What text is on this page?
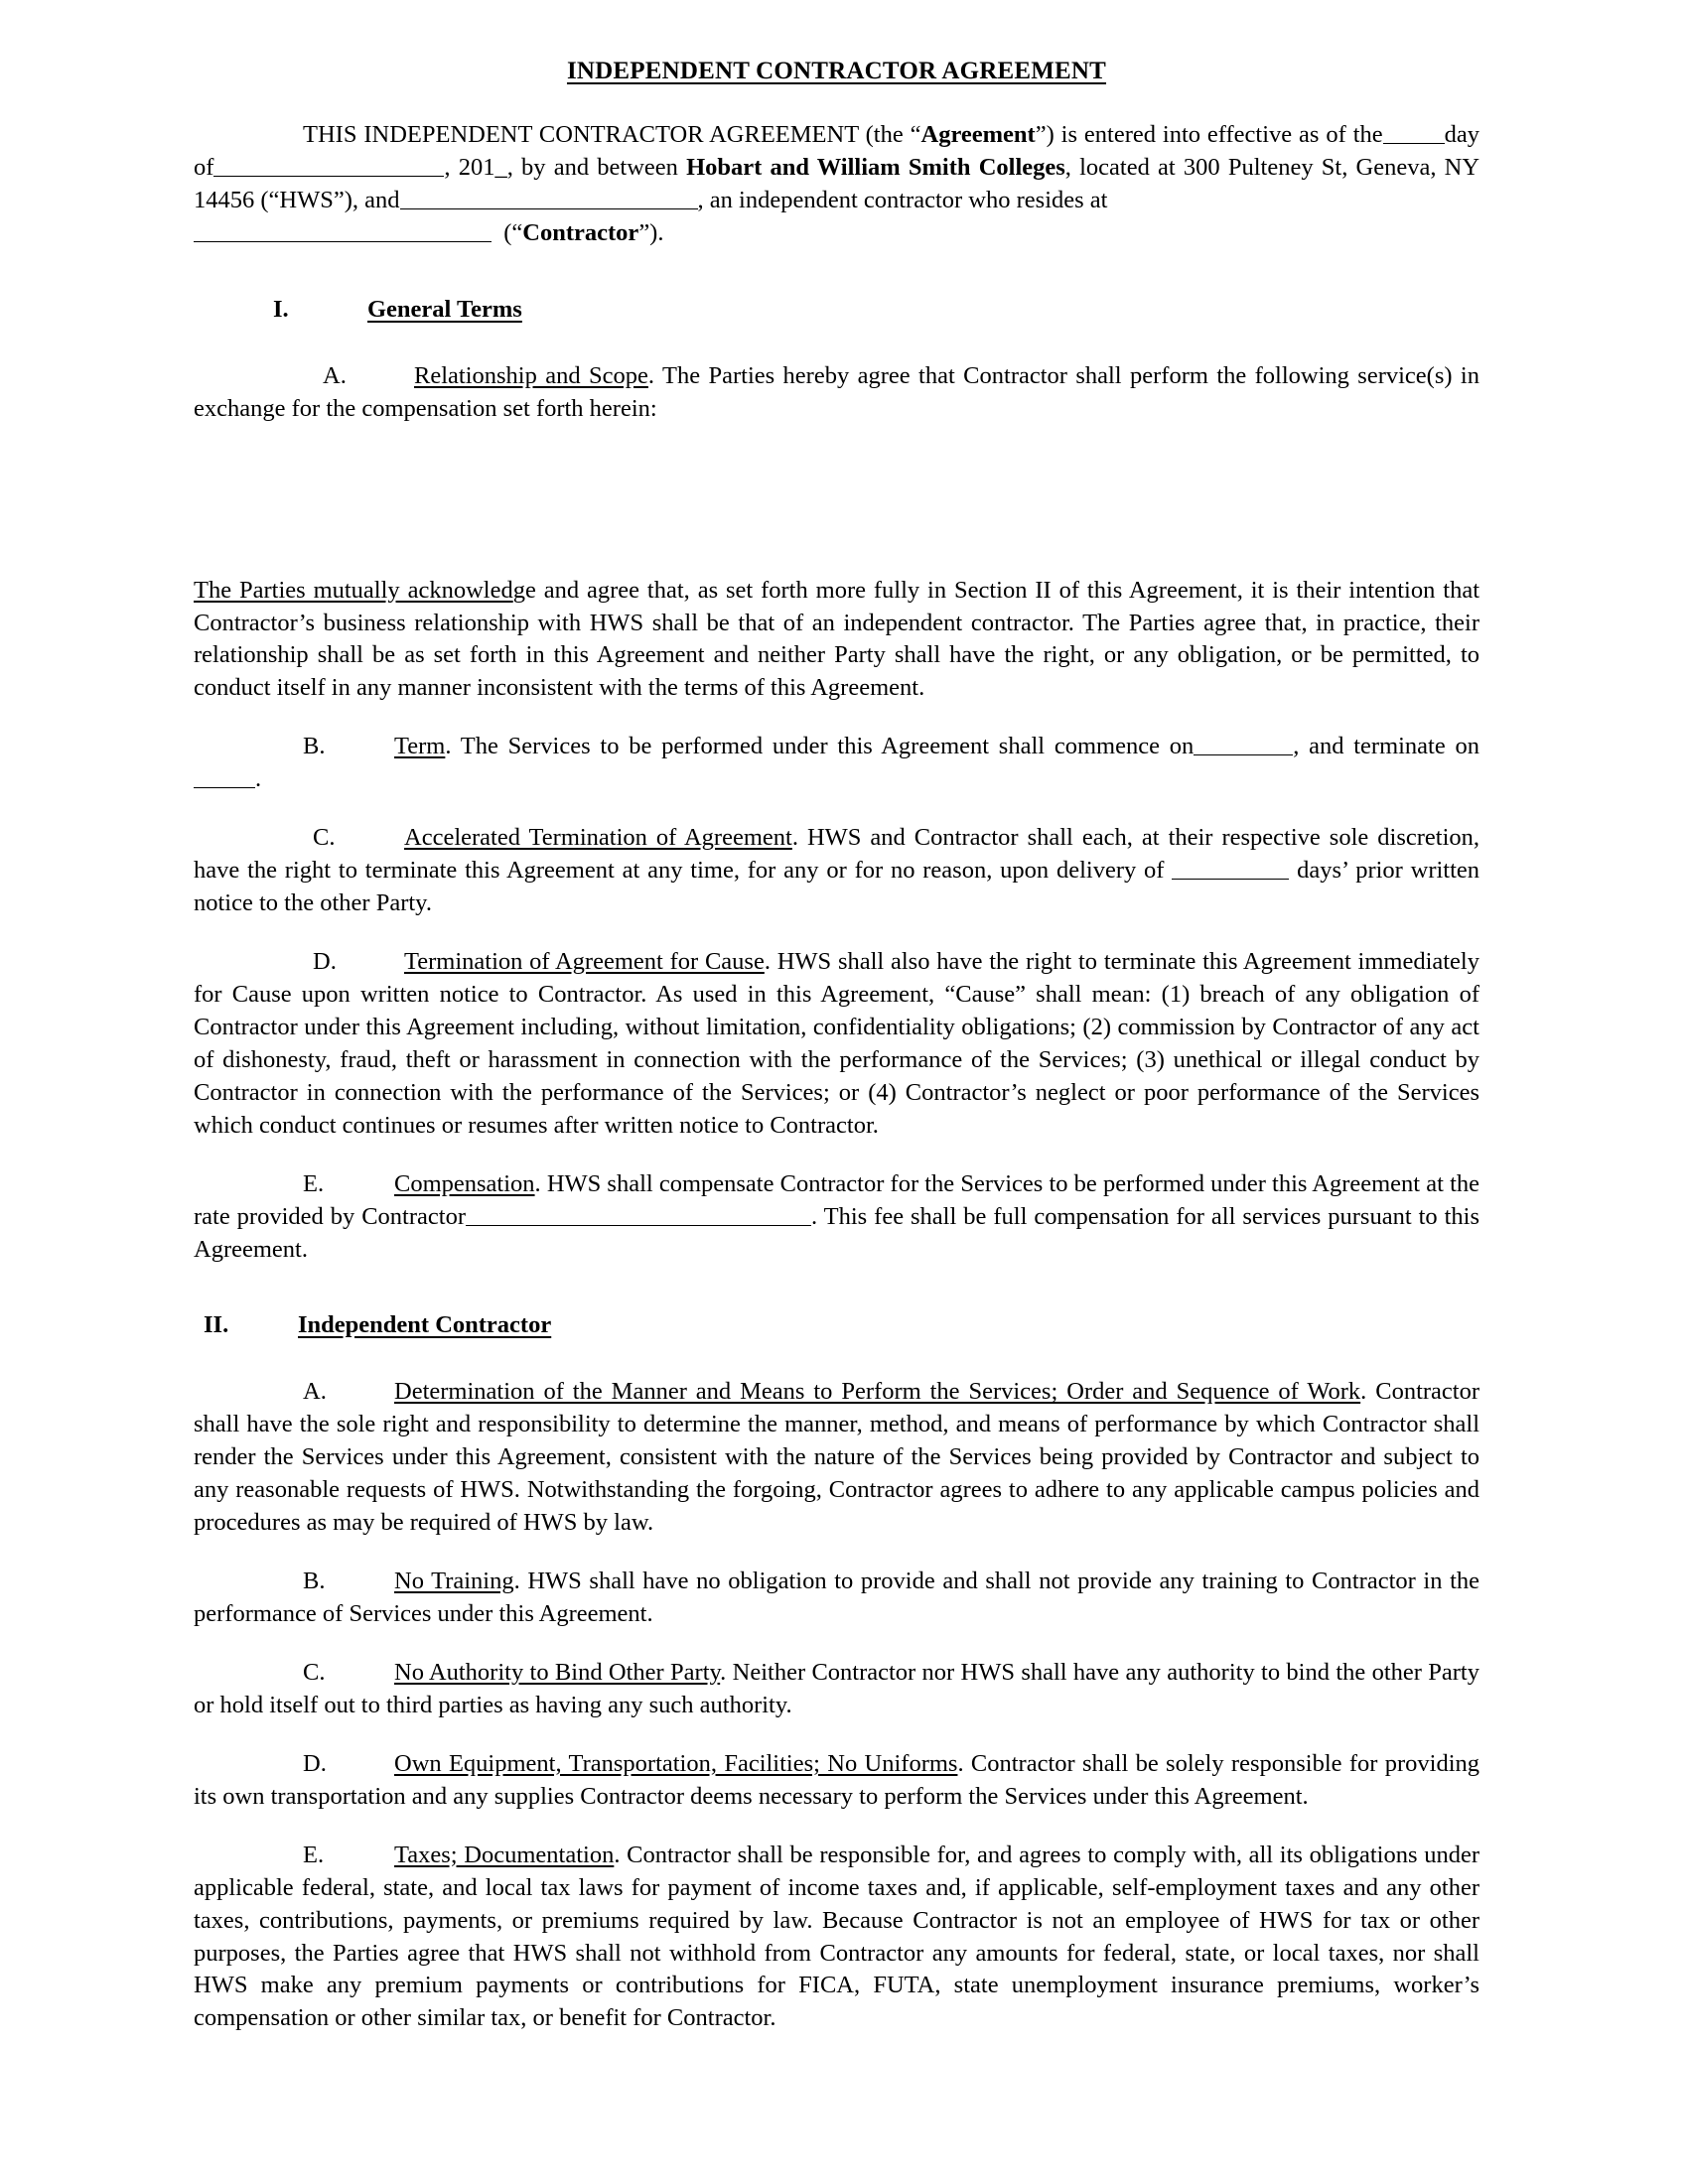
INDEPENDENT CONTRACTOR AGREEMENT

THIS INDEPENDENT CONTRACTOR AGREEMENT (the “Agreement”) is entered into effective as of the	day of	, 201_, by and between Hobart and William Smith Colleges, located at 300 Pulteney St, Geneva, NY 14456 (“HWS”), and	, an independent contractor who resides at

(“Contractor”).

I.	General Terms

A.	Relationship and Scope. The Parties hereby agree that Contractor shall perform the following service(s) in exchange for the compensation set forth herein:

The Parties mutually acknowledge and agree that, as set forth more fully in Section II of this Agreement, it is their intention that Contractor’s business relationship with HWS shall be that of an independent contractor. The Parties agree that, in practice, their relationship shall be as set forth in this Agreement and neither Party shall have the right, or any obligation, or be permitted, to conduct itself in any manner inconsistent with the terms of this Agreement.

B.	Term. The Services to be performed under this Agreement shall commence on	, and terminate on.

C.	Accelerated Termination of Agreement. HWS and Contractor shall each, at their respective sole discretion, have the right to terminate this Agreement at any time, for any or for no reason, upon delivery of	days’ prior written notice to the other Party.

D.	Termination of Agreement for Cause. HWS shall also have the right to terminate this Agreement immediately for Cause upon written notice to Contractor. As used in this Agreement, “Cause” shall mean: (1) breach of any obligation of Contractor under this Agreement including, without limitation, confidentiality obligations; (2) commission by Contractor of any act of dishonesty, fraud, theft or harassment in connection with the performance of the Services; (3) unethical or illegal conduct by Contractor in connection with the performance of the Services; or (4) Contractor’s neglect or poor performance of the Services which conduct continues or resumes after written notice to Contractor.

E.	Compensation. HWS shall compensate Contractor for the Services to be performed under this Agreement at the rate provided by Contractor	. This fee shall be full compensation for all services pursuant to this Agreement.

II.	Independent Contractor

A.	Determination of the Manner and Means to Perform the Services; Order and Sequence of Work. Contractor shall have the sole right and responsibility to determine the manner, method, and means of performance by which Contractor shall render the Services under this Agreement, consistent with the nature of the Services being provided by Contractor and subject to any reasonable requests of HWS. Notwithstanding the forgoing, Contractor agrees to adhere to any applicable campus policies and procedures as may be required of HWS by law.

B.	No Training. HWS shall have no obligation to provide and shall not provide any training to Contractor in the performance of Services under this Agreement.

C.	No Authority to Bind Other Party. Neither Contractor nor HWS shall have any authority to bind the other Party or hold itself out to third parties as having any such authority.

D.	Own Equipment, Transportation, Facilities; No Uniforms. Contractor shall be solely responsible for providing its own transportation and any supplies Contractor deems necessary to perform the Services under this Agreement.

E.	Taxes; Documentation. Contractor shall be responsible for, and agrees to comply with, all its obligations under applicable federal, state, and local tax laws for payment of income taxes and, if applicable, self-employment taxes and any other taxes, contributions, payments, or premiums required by law. Because Contractor is not an employee of HWS for tax or other purposes, the Parties agree that HWS shall not withhold from Contractor any amounts for federal, state, or local taxes, nor shall HWS make any premium payments or contributions for FICA, FUTA, state unemployment insurance premiums, worker’s compensation or other similar tax, or benefit for Contractor.
